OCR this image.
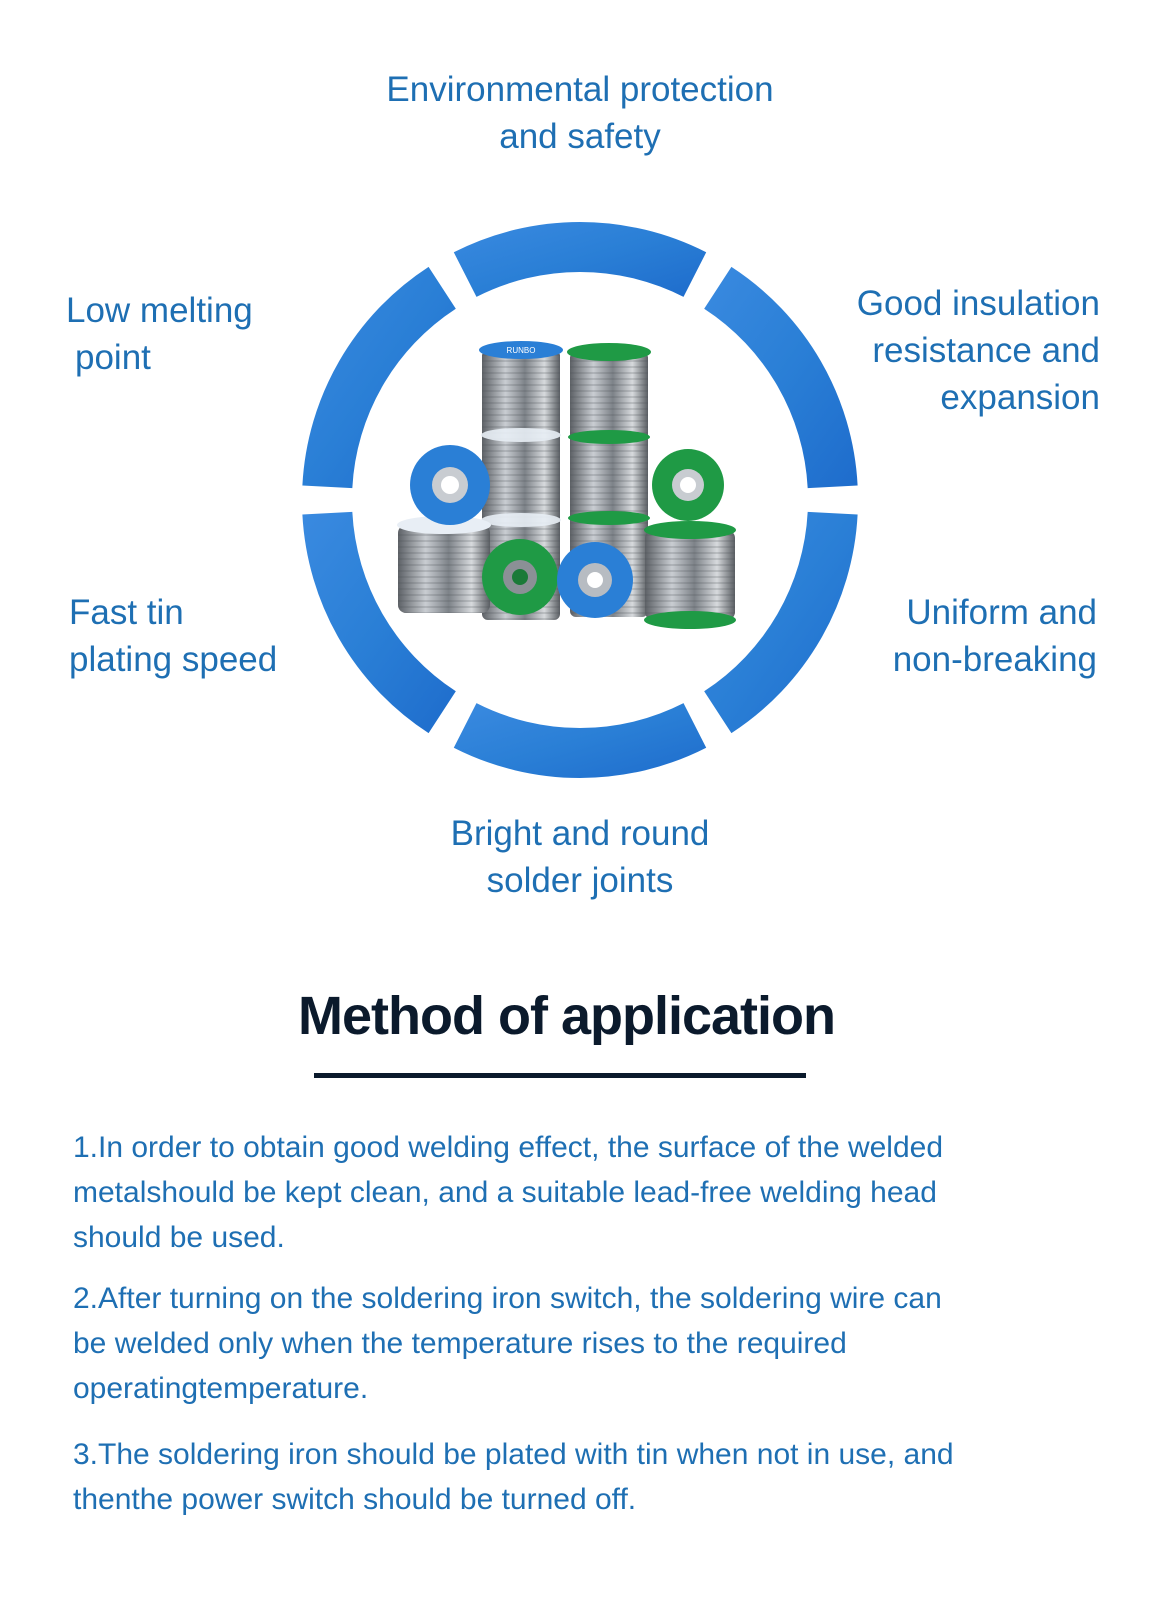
Environmental protection
and safety
Low melting
point
Good insulation
resistance and
expansion
Fast tin
plating speed
Uniform and
non-breaking
Bright and round
solder joints
RUNBO
Method of application
1.In order to obtain good welding effect, the surface of the welded
metalshould be kept clean, and a suitable lead-free welding head
should be used.
2.After turning on the soldering iron switch, the soldering wire can
be welded only when the temperature rises to the required
operatingtemperature.
3.The soldering iron should be plated with tin when not in use, and
thenthe power switch should be turned off.
